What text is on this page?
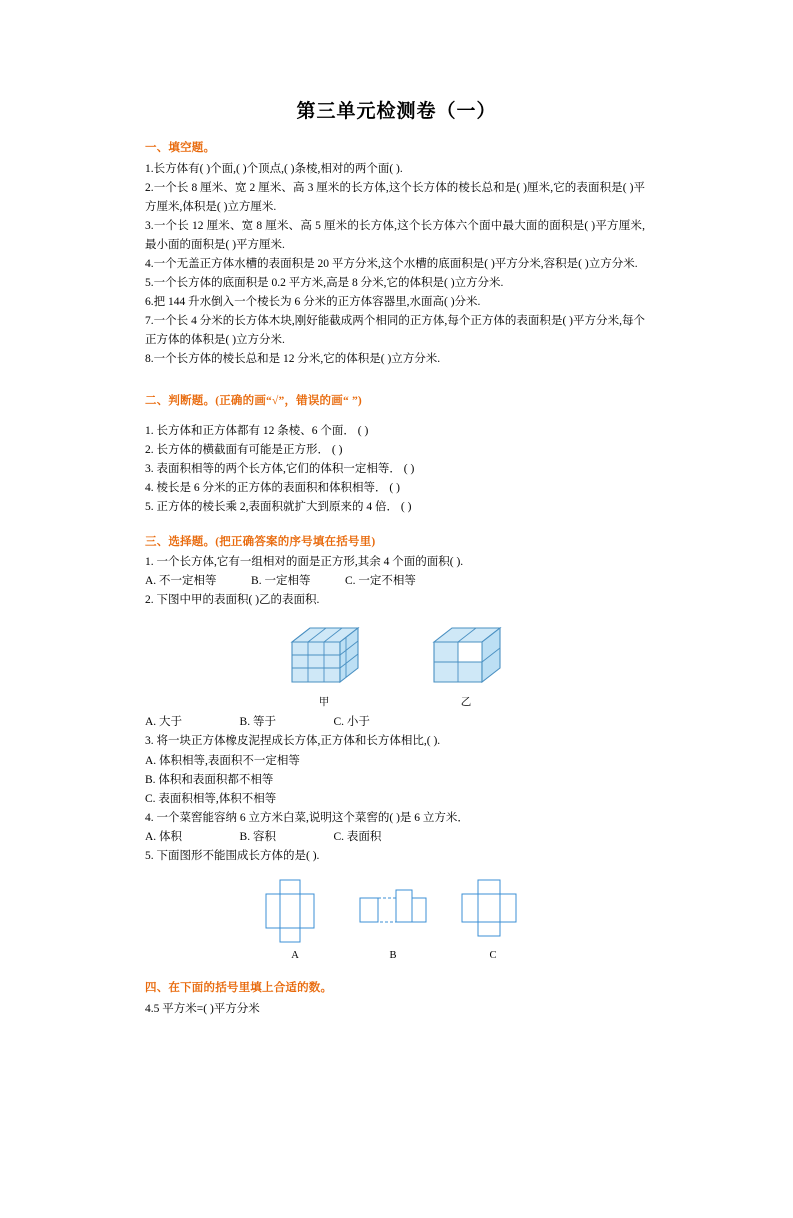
第三单元检测卷（一）
一、填空题。
1.长方体有( )个面,( )个顶点,( )条棱,相对的两个面( ).
2.一个长 8 厘米、宽 2 厘米、高 3 厘米的长方体,这个长方体的棱长总和是( )厘米,它的表面积是( )平方厘米,体积是( )立方厘米.
3.一个长 12 厘米、宽 8 厘米、高 5 厘米的长方体,这个长方体六个面中最大面的面积是( )平方厘米,最小面的面积是( )平方厘米.
4.一个无盖正方体水槽的表面积是 20 平方分米,这个水槽的底面积是( )平方分米,容积是( )立方分米.
5.一个长方体的底面积是 0.2 平方米,高是 8 分米,它的体积是( )立方分米.
6.把 144 升水倒入一个棱长为 6 分米的正方体容器里,水面高( )分米.
7.一个长 4 分米的长方体木块,刚好能截成两个相同的正方体,每个正方体的表面积是( )平方分米,每个正方体的体积是( )立方分米.
8.一个长方体的棱长总和是 12 分米,它的体积是( )立方分米.
二、判断题。(正确的画“√”，错误的画“ ”)
1. 长方体和正方体都有 12 条棱、6 个面． ( )
2. 长方体的横截面有可能是正方形． ( )
3. 表面积相等的两个长方体,它们的体积一定相等． ( )
4. 棱长是 6 分米的正方体的表面积和体积相等． ( )
5. 正方体的棱长乘 2,表面积就扩大到原来的 4 倍． ( )
三、选择题。(把正确答案的序号填在括号里)
1. 一个长方体,它有一组相对的面是正方形,其余 4 个面的面积( ).
A. 不一定相等            B. 一定相等            C. 一定不相等
2. 下图中甲的表面积( )乙的表面积.
甲	乙
A. 大于                    B. 等于                    C. 小于
3. 将一块正方体橡皮泥捏成长方体,正方体和长方体相比,( ).
A. 体积相等,表面积不一定相等
B. 体积和表面积都不相等
C. 表面积相等,体积不相等
4. 一个菜窖能容纳 6 立方米白菜,说明这个菜窖的( )是 6 立方米．
A. 体积                    B. 容积                    C. 表面积
5. 下面图形不能围成长方体的是( ).
A	B	C
四、在下面的括号里填上合适的数。
4.5 平方米=( )平方分米
